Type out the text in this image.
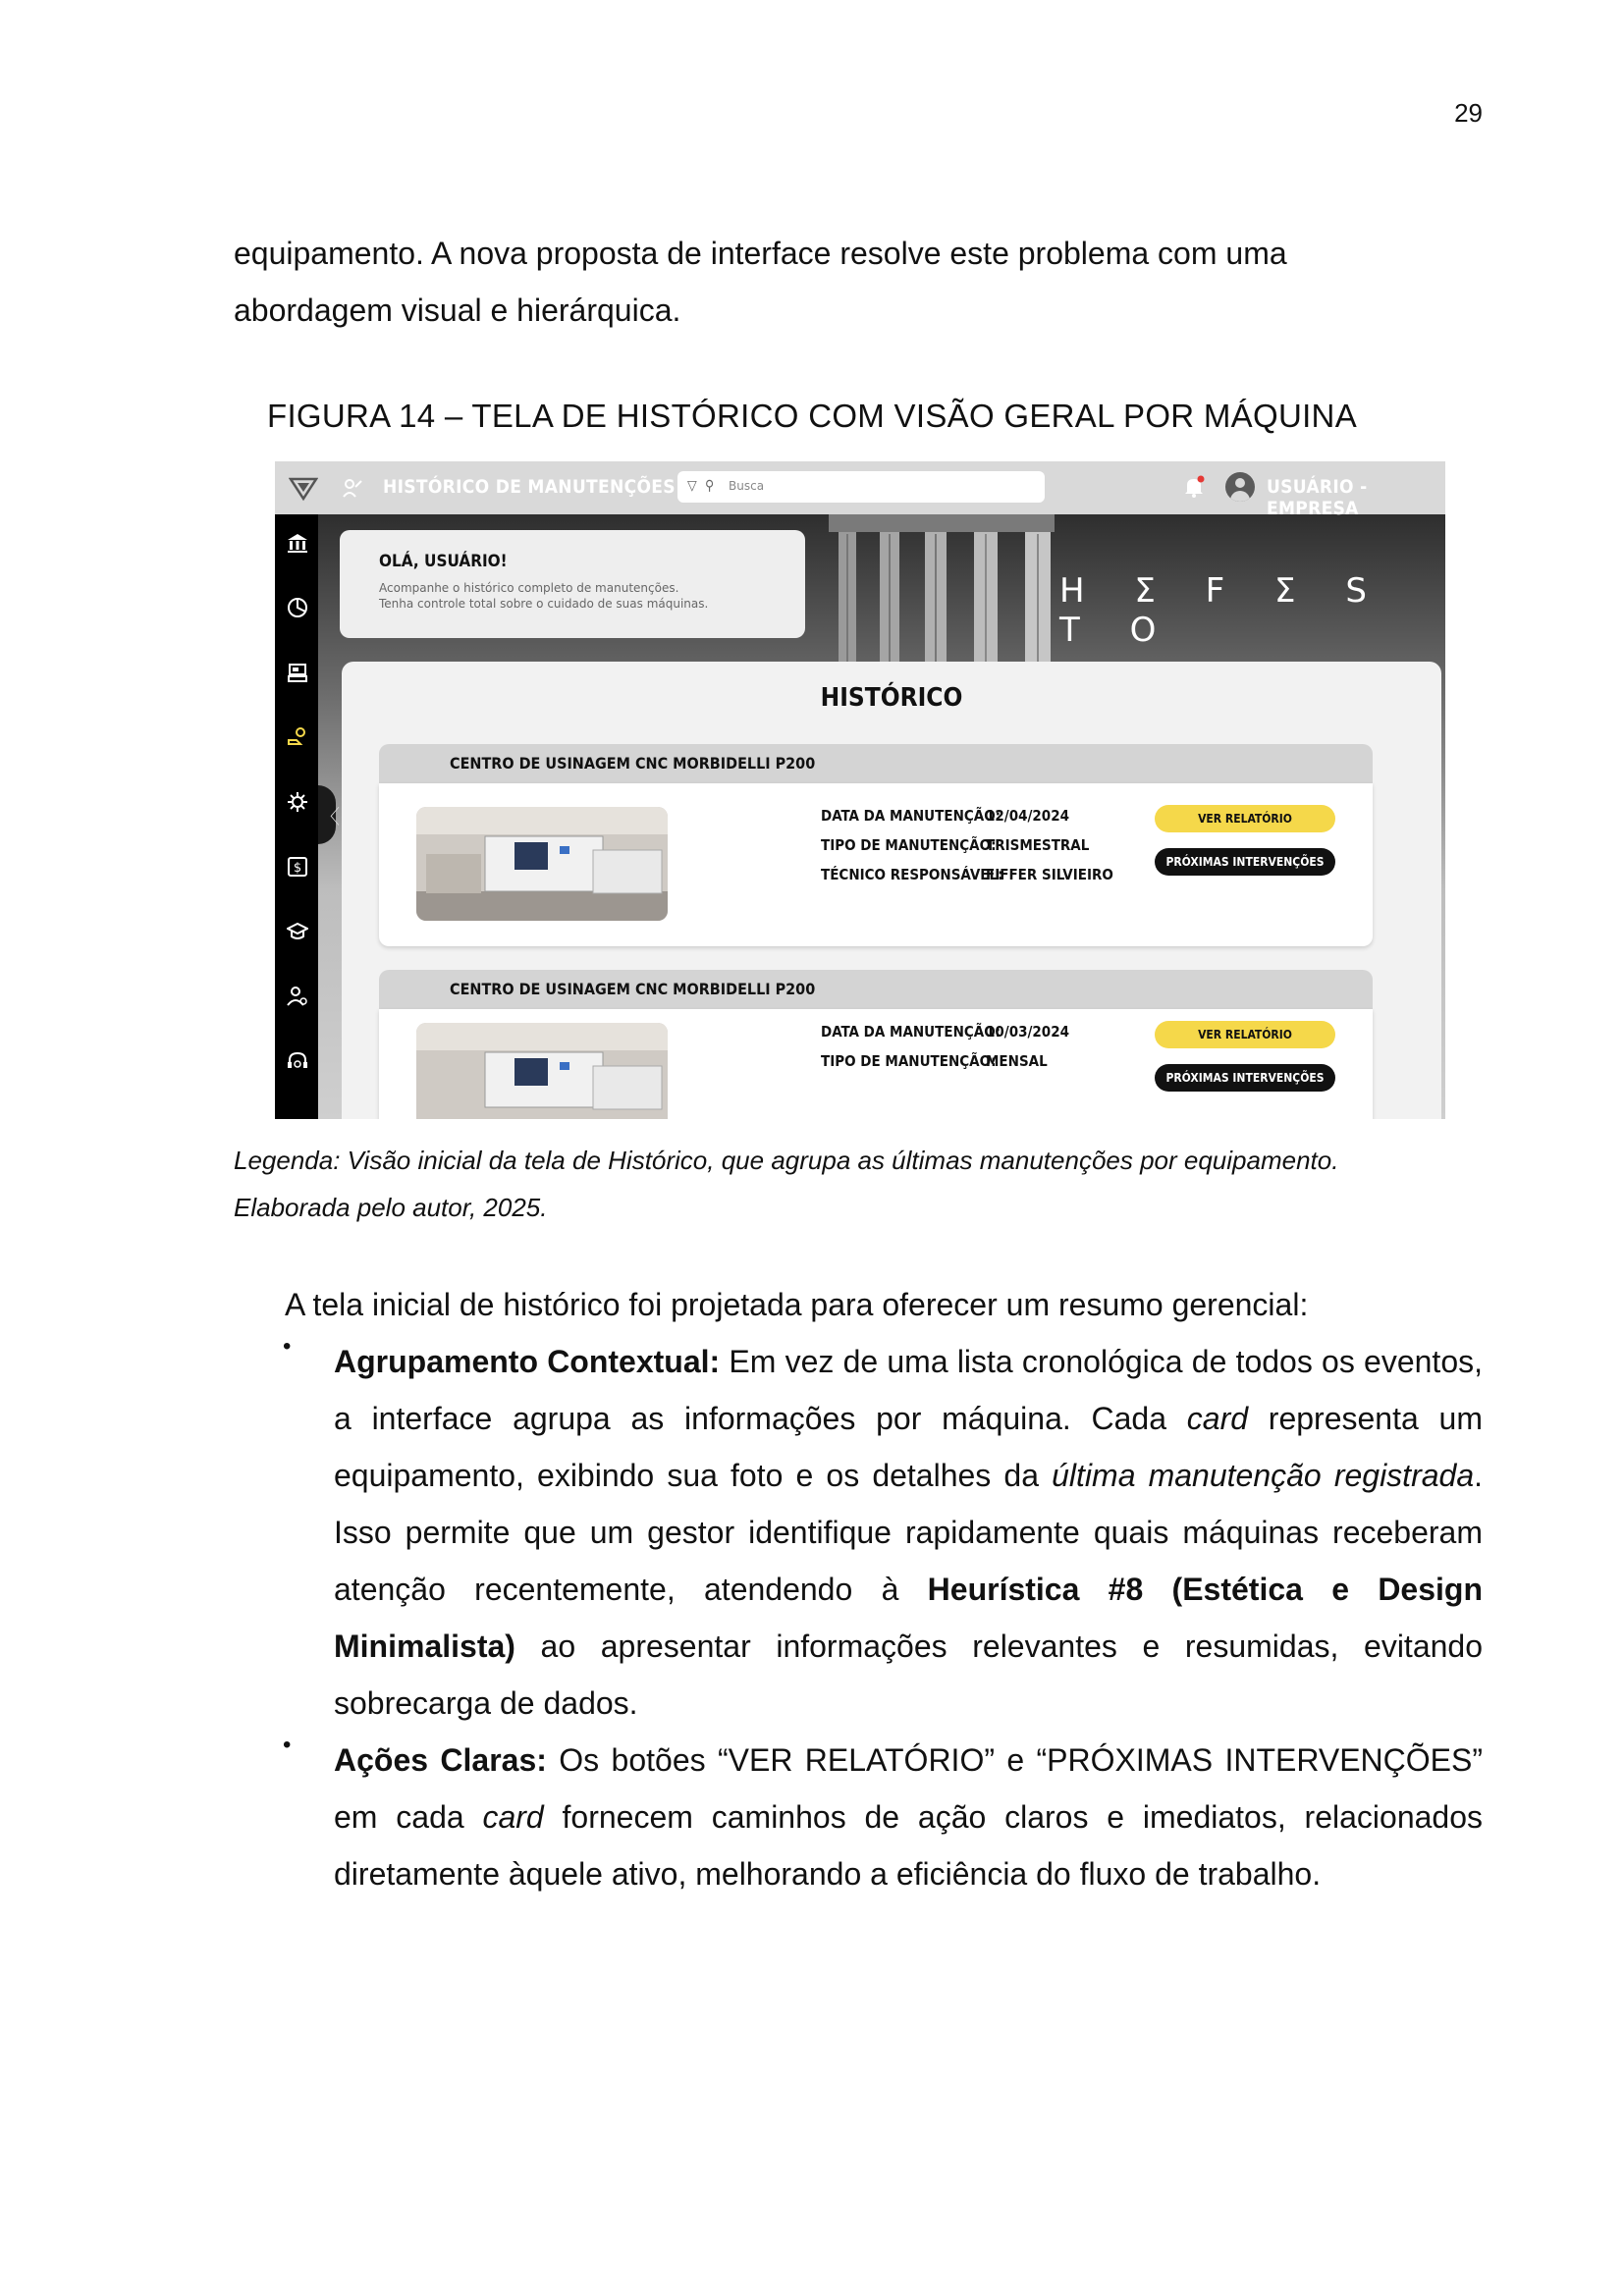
29

equipamento. A nova proposta de interface resolve este problema com uma

abordagem visual e hierárquica.

FIGURA 14 – TELA DE HISTÓRICO COM VISÃO GERAL POR MÁQUINA
H Σ F Σ S T O
OLÁ, USUÁRIO!
Acompanhe o histórico completo de manutenções.
Tenha controle total sobre o cuidado de suas máquinas.
HISTÓRICO
CENTRO DE USINAGEM CNC MORBIDELLI P200
DATA DA MANUTENÇÃO:12/04/2024
TIPO DE MANUTENÇÃO:TRISMESTRAL
TÉCNICO RESPONSÁVEL:FIFFER SILVIEIRO
VER RELATÓRIO
PRÓXIMAS INTERVENÇÕES
CENTRO DE USINAGEM CNC MORBIDELLI P200
DATA DA MANUTENÇÃO:10/03/2024
TIPO DE MANUTENÇÃO:MENSAL
VER RELATÓRIO
PRÓXIMAS INTERVENÇÕES
HISTÓRICO DE MANUTENÇÕES ▽ ⚲ Busca	USUÁRIO - EMPRESA
$
〈

Legenda: Visão inicial da tela de Histórico, que agrupa as últimas manutenções por equipamento.

Elaborada pelo autor, 2025.

A tela inicial de histórico foi projetada para oferecer um resumo gerencial:

• Agrupamento Contextual: Em vez de uma lista cronológica de todos os eventos, a interface agrupa as informações por máquina. Cada card representa um equipamento, exibindo sua foto e os detalhes da última manutenção registrada. Isso permite que um gestor identifique rapidamente quais máquinas receberam atenção recentemente, atendendo à Heurística #8 (Estética e Design Minimalista) ao apresentar informações relevantes e resumidas, evitando sobrecarga de dados.

• Ações Claras: Os botões “VER RELATÓRIO” e “PRÓXIMAS INTERVENÇÕES” em cada card fornecem caminhos de ação claros e imediatos, relacionados diretamente àquele ativo, melhorando a eficiência do fluxo de trabalho.
